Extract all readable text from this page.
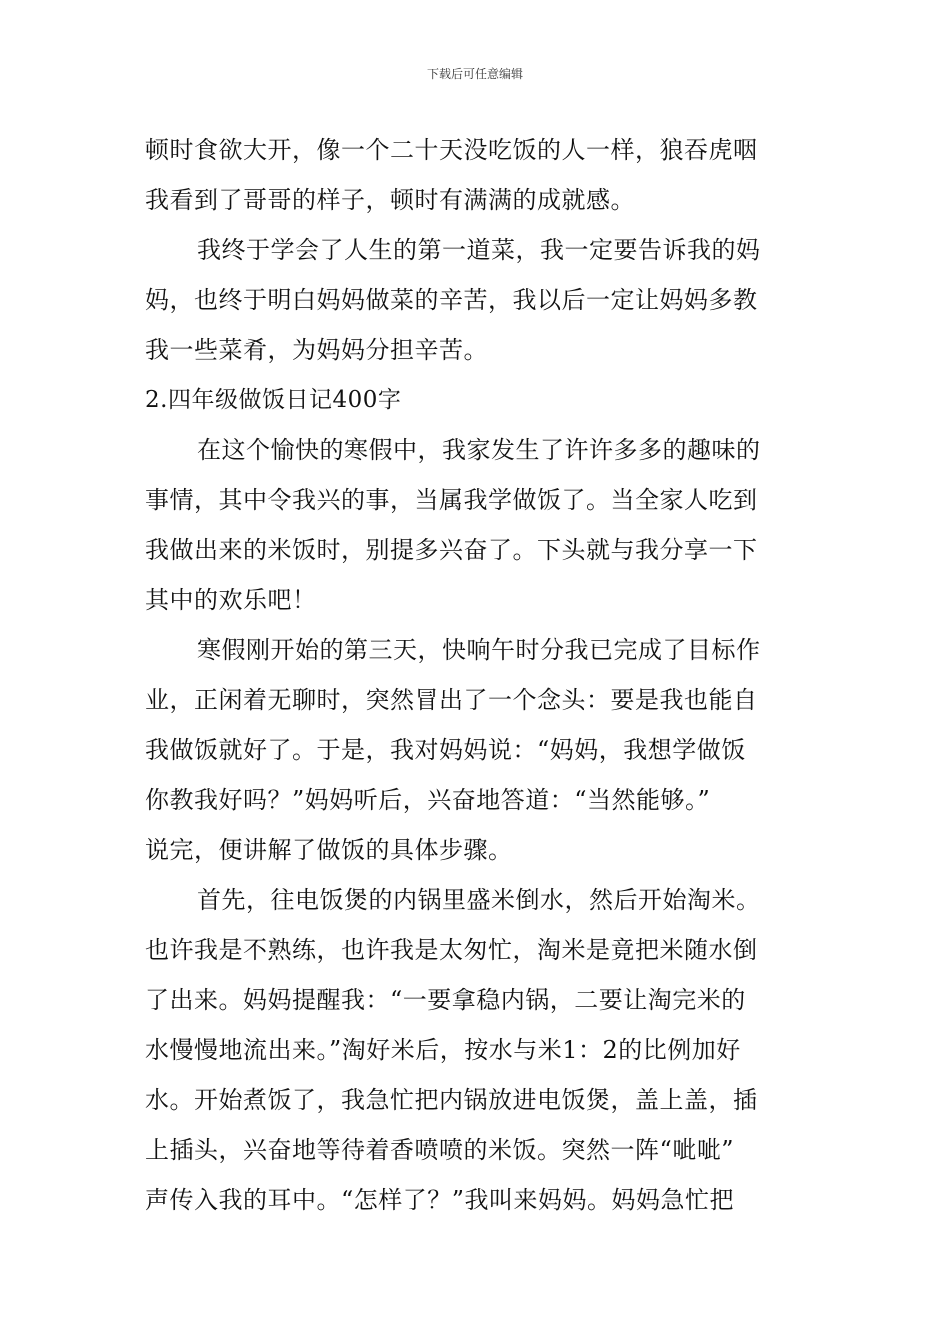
下载后可任意编辑
顿时食欲大开，像一个二十天没吃饭的人一样，狼吞虎咽
我看到了哥哥的样子，顿时有满满的成就感。
我终于学会了人生的第一道菜，我一定要告诉我的妈
妈，也终于明白妈妈做菜的辛苦，我以后一定让妈妈多教
我一些菜肴，为妈妈分担辛苦。
2.四年级做饭日记400字
在这个愉快的寒假中，我家发生了许许多多的趣味的
事情，其中令我兴的事，当属我学做饭了。当全家人吃到
我做出来的米饭时，别提多兴奋了。下头就与我分享一下
其中的欢乐吧！
寒假刚开始的第三天，快响午时分我已完成了目标作
业，正闲着无聊时，突然冒出了一个念头：要是我也能自
我做饭就好了。于是，我对妈妈说：“妈妈，我想学做饭
你教我好吗？”妈妈听后，兴奋地答道：“当然能够。”
说完，便讲解了做饭的具体步骤。
首先，往电饭煲的内锅里盛米倒水，然后开始淘米。
也许我是不熟练，也许我是太匆忙，淘米是竟把米随水倒
了出来。妈妈提醒我：“一要拿稳内锅，二要让淘完米的
水慢慢地流出来。”淘好米后，按水与米1：2的比例加好
水。开始煮饭了，我急忙把内锅放进电饭煲，盖上盖，插
上插头，兴奋地等待着香喷喷的米饭。突然一阵“呲呲”
声传入我的耳中。“怎样了？”我叫来妈妈。妈妈急忙把
